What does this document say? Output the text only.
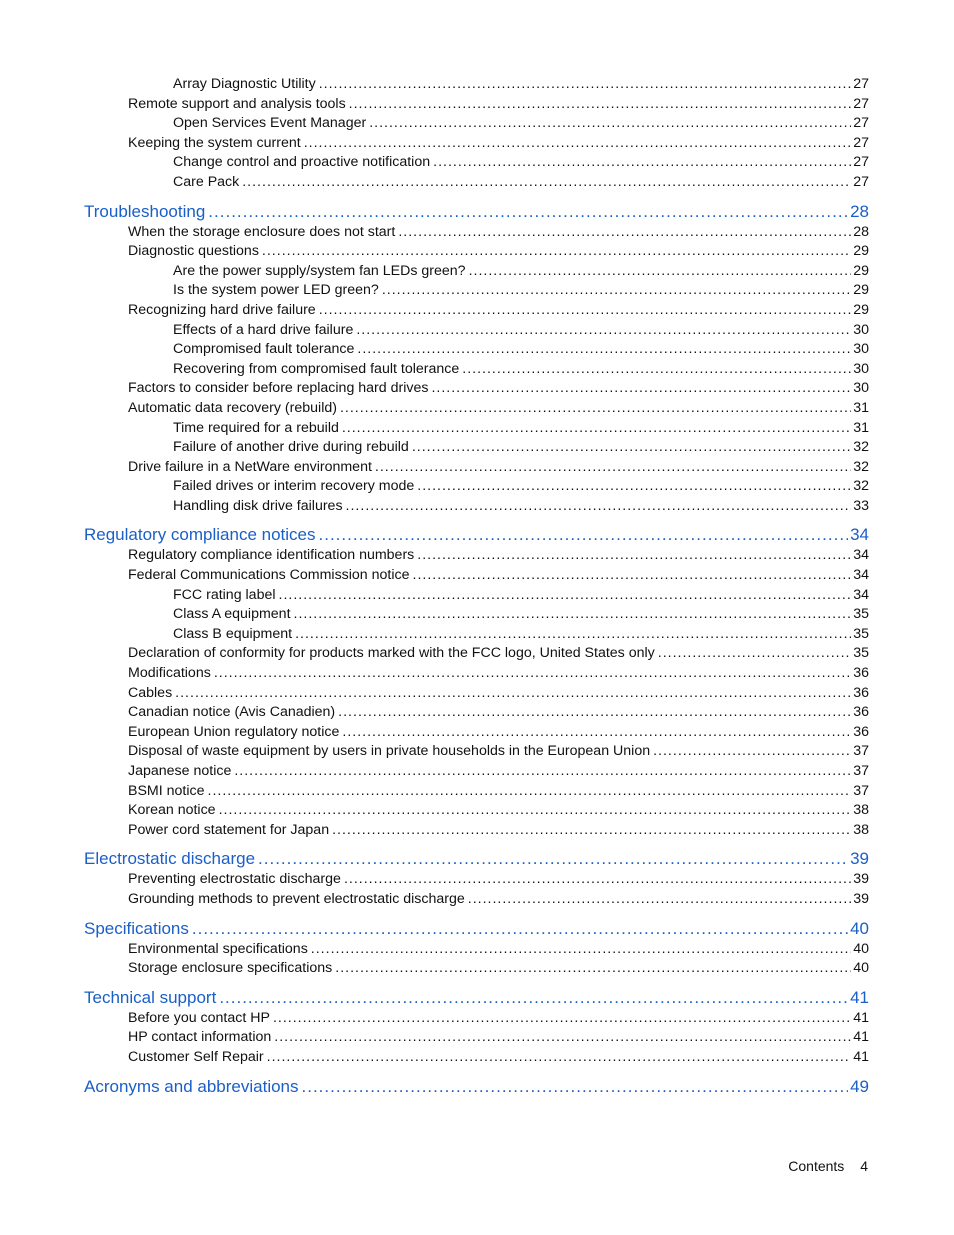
Array Diagnostic Utility .....	27
Remote support and analysis tools .....	27
Open Services Event Manager .....	27
Keeping the system current .....	27
Change control and proactive notification .....	27
Care Pack .....	27
Troubleshooting .....	28
When the storage enclosure does not start .....	28
Diagnostic questions .....	29
Are the power supply/system fan LEDs green? .....	29
Is the system power LED green? .....	29
Recognizing hard drive failure .....	29
Effects of a hard drive failure .....	30
Compromised fault tolerance .....	30
Recovering from compromised fault tolerance .....	30
Factors to consider before replacing hard drives .....	30
Automatic data recovery (rebuild) .....	31
Time required for a rebuild .....	31
Failure of another drive during rebuild .....	32
Drive failure in a NetWare environment .....	32
Failed drives or interim recovery mode .....	32
Handling disk drive failures .....	33
Regulatory compliance notices .....	34
Regulatory compliance identification numbers .....	34
Federal Communications Commission notice .....	34
FCC rating label .....	34
Class A equipment .....	35
Class B equipment .....	35
Declaration of conformity for products marked with the FCC logo, United States only .....	35
Modifications .....	36
Cables .....	36
Canadian notice (Avis Canadien) .....	36
European Union regulatory notice .....	36
Disposal of waste equipment by users in private households in the European Union .....	37
Japanese notice .....	37
BSMI notice .....	37
Korean notice .....	38
Power cord statement for Japan .....	38
Electrostatic discharge .....	39
Preventing electrostatic discharge .....	39
Grounding methods to prevent electrostatic discharge .....	39
Specifications .....	40
Environmental specifications .....	40
Storage enclosure specifications .....	40
Technical support .....	41
Before you contact HP .....	41
HP contact information .....	41
Customer Self Repair .....	41
Acronyms and abbreviations .....	49
Contents 4
